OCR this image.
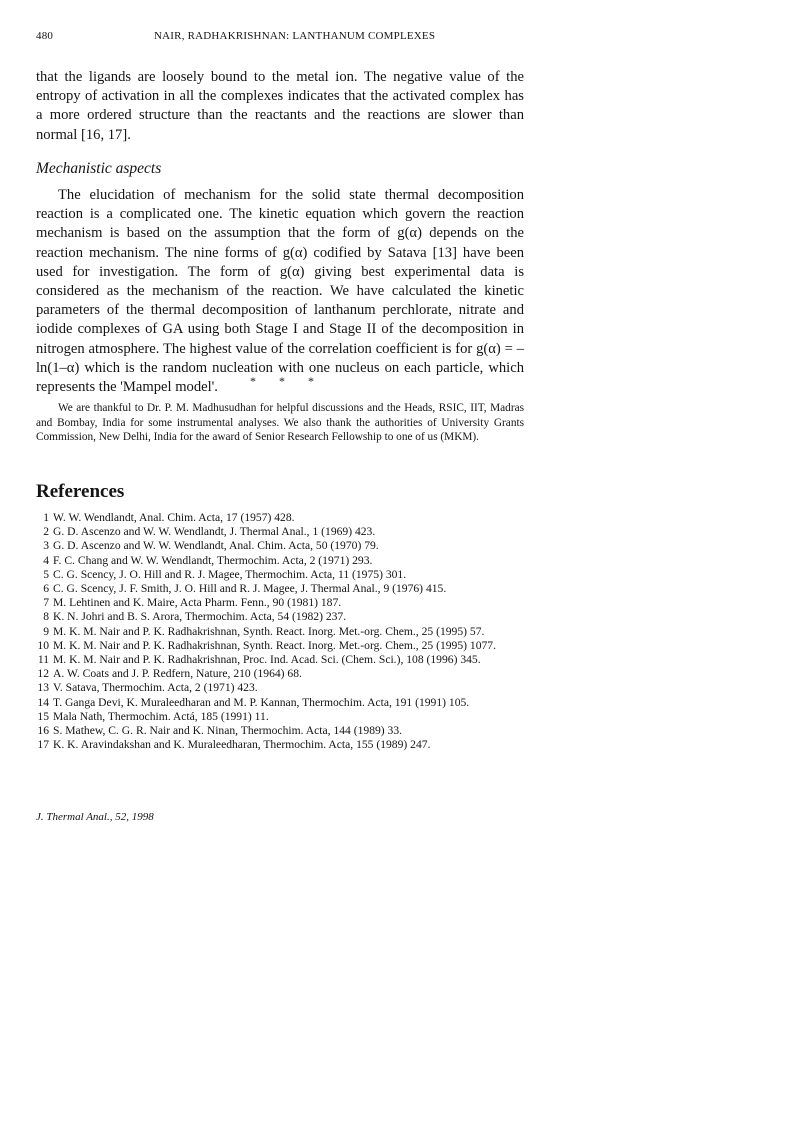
480	NAIR, RADHAKRISHNAN: LANTHANUM COMPLEXES

that the ligands are loosely bound to the metal ion. The negative value of the entropy of activation in all the complexes indicates that the activated complex has a more ordered structure than the reactants and the reactions are slower than normal [16, 17].

Mechanistic aspects

The elucidation of mechanism for the solid state thermal decomposition reaction is a complicated one. The kinetic equation which govern the reaction mechanism is based on the assumption that the form of g(α) depends on the reaction mechanism. The nine forms of g(α) codified by Satava [13] have been used for investigation. The form of g(α) giving best experimental data is considered as the mechanism of the reaction. We have calculated the kinetic parameters of the thermal decomposition of lanthanum perchlorate, nitrate and iodide complexes of GA using both Stage I and Stage II of the decomposition in nitrogen atmosphere. The highest value of the correlation coefficient is for g(α) = –ln(1–α) which is the random nucleation with one nucleus on each particle, which represents the 'Mampel model'.	* * *

We are thankful to Dr. P. M. Madhusudhan for helpful discussions and the Heads, RSIC, IIT, Madras and Bombay, India for some instrumental analyses. We also thank the authorities of University Grants Commission, New Delhi, India for the award of Senior Research Fellowship to one of us (MKM).

References
1 W. W. Wendlandt, Anal. Chim. Acta, 17 (1957) 428.
2 G. D. Ascenzo and W. W. Wendlandt, J. Thermal Anal., 1 (1969) 423.
3 G. D. Ascenzo and W. W. Wendlandt, Anal. Chim. Acta, 50 (1970) 79.
4 F. C. Chang and W. W. Wendlandt, Thermochim. Acta, 2 (1971) 293.
5 C. G. Scency, J. O. Hill and R. J. Magee, Thermochim. Acta, 11 (1975) 301.
6 C. G. Scency, J. F. Smith, J. O. Hill and R. J. Magee, J. Thermal Anal., 9 (1976) 415.
7 M. Lehtinen and K. Maire, Acta Pharm. Fenn., 90 (1981) 187.
8 K. N. Johri and B. S. Arora, Thermochim. Acta, 54 (1982) 237.
9 M. K. M. Nair and P. K. Radhakrishnan, Synth. React. Inorg. Met.-org. Chem., 25 (1995) 57.
10 M. K. M. Nair and P. K. Radhakrishnan, Synth. React. Inorg. Met.-org. Chem., 25 (1995) 1077.
11 M. K. M. Nair and P. K. Radhakrishnan, Proc. Ind. Acad. Sci. (Chem. Sci.), 108 (1996) 345.
12 A. W. Coats and J. P. Redfern, Nature, 210 (1964) 68.
13 V. Satava, Thermochim. Acta, 2 (1971) 423.
14 T. Ganga Devi, K. Muraleedharan and M. P. Kannan, Thermochim. Acta, 191 (1991) 105.
15 Mala Nath, Thermochim. Actá, 185 (1991) 11.
16 S. Mathew, C. G. R. Nair and K. Ninan, Thermochim. Acta, 144 (1989) 33.
17 K. K. Aravindakshan and K. Muraleedharan, Thermochim. Acta, 155 (1989) 247.
J. Thermal Anal., 52, 1998
